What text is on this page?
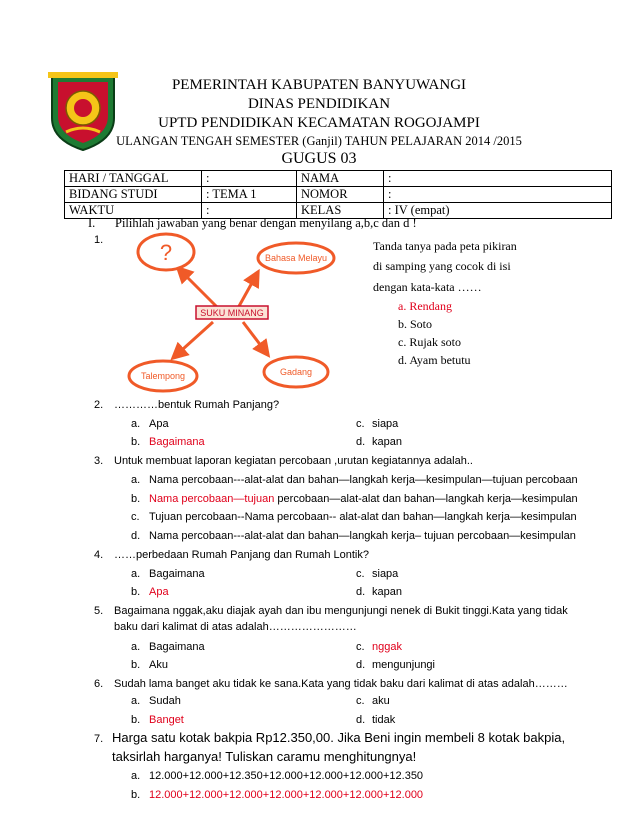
PEMERINTAH KABUPATEN BANYUWANGI
DINAS PENDIDIKAN
UPTD PENDIDIKAN KECAMATAN ROGOJAMPI
ULANGAN TENGAH SEMESTER (Ganjil) TAHUN PELAJARAN 2014 /2015
GUGUS 03
HARI / TANGGAL	:	NAMA	:
BIDANG STUDI	: TEMA 1	NOMOR	:
WAKTU	:	KELAS	: IV (empat)
I. Pilihlah jawaban yang benar dengan menyilang a,b,c dan d !
1.	?	Bahasa Melayu
SUKU MINANG
Talempong	Gadang
Tanda tanya pada peta pikiran
di samping yang cocok di isi
dengan kata-kata ……
a. Rendang
b. Soto
c. Rujak soto
d. Ayam betutu
2. …………bentuk Rumah Panjang?
a. Apa	c. siapa
b. Bagaimana	d. kapan
3. Untuk membuat laporan kegiatan percobaan ,urutan kegiatannya adalah..
a. Nama percobaan---alat-alat dan bahan—langkah kerja—kesimpulan—tujuan percobaan
b. Nama percobaan—tujuan percobaan—alat-alat dan bahan—langkah kerja—kesimpulan
c. Tujuan percobaan--Nama percobaan-- alat-alat dan bahan—langkah kerja—kesimpulan
d. Nama percobaan---alat-alat dan bahan—langkah kerja– tujuan percobaan—kesimpulan
4. ……perbedaan Rumah Panjang dan Rumah Lontik?
a. Bagaimana	c. siapa
b. Apa	d. kapan
5. Bagaimana nggak,aku diajak ayah dan ibu mengunjungi nenek di Bukit tinggi.Kata yang tidak
baku dari kalimat di atas adalah……………………
a. Bagaimana	c. nggak
b. Aku	d. mengunjungi
6. Sudah lama banget aku tidak ke sana.Kata yang tidak baku dari kalimat di atas adalah………
a. Sudah	c. aku
b. Banget	d. tidak
7. Harga satu kotak bakpia Rp12.350,00. Jika Beni ingin membeli 8 kotak bakpia,
taksirlah harganya! Tuliskan caramu menghitungnya!
a. 12.000+12.000+12.350+12.000+12.000+12.000+12.350
b. 12.000+12.000+12.000+12.000+12.000+12.000+12.000
